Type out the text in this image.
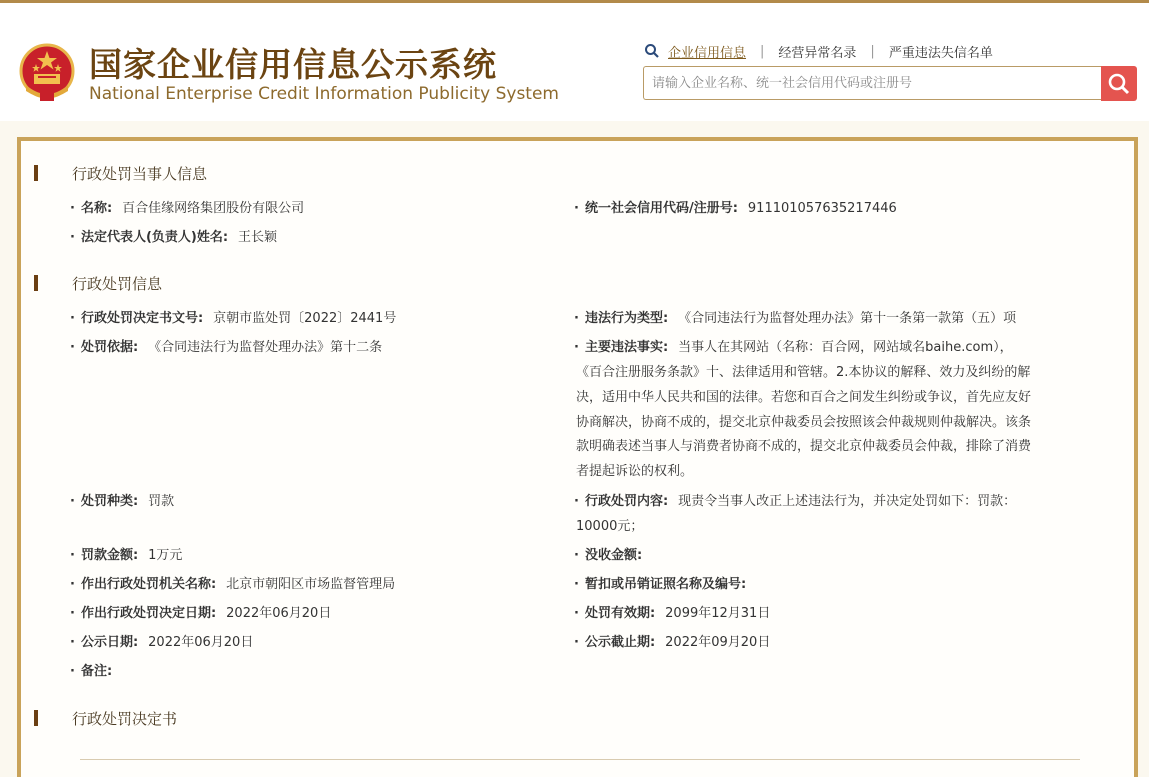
国家企业信用信息公示系统
National Enterprise Credit Information Publicity System
企业信用信息 | 经营异常名录 | 严重违法失信名单
请输入企业名称、统一社会信用代码或注册号
行政处罚当事人信息
· 名称: 百合佳缘网络集团股份有限公司	· 统一社会信用代码/注册号: 911101057635217446
· 法定代表人(负责人)姓名: 王长颖
行政处罚信息
· 行政处罚决定书文号: 京朝市监处罚〔2022〕2441号	· 违法行为类型: 《合同违法行为监督处理办法》第十一条第一款第（五）项
· 处罚依据: 《合同违法行为监督处理办法》第十二条	· 主要违法事实: 当事人在其网站（名称：百合网，网站域名baihe.com），
《百合注册服务条款》十、法律适用和管辖。2.本协议的解释、效力及纠纷的解
决，适用中华人民共和国的法律。若您和百合之间发生纠纷或争议，首先应友好
协商解决，协商不成的，提交北京仲裁委员会按照该会仲裁规则仲裁解决。该条
款明确表述当事人与消费者协商不成的，提交北京仲裁委员会仲裁，排除了消费
者提起诉讼的权利。
· 处罚种类: 罚款	· 行政处罚内容: 现责令当事人改正上述违法行为，并决定处罚如下：罚款：
10000元；
· 罚款金额: 1万元	· 没收金额:
· 作出行政处罚机关名称: 北京市朝阳区市场监督管理局	· 暂扣或吊销证照名称及编号:
· 作出行政处罚决定日期: 2022年06月20日	· 处罚有效期: 2099年12月31日
· 公示日期: 2022年06月20日	· 公示截止期: 2022年09月20日
· 备注:
行政处罚决定书
